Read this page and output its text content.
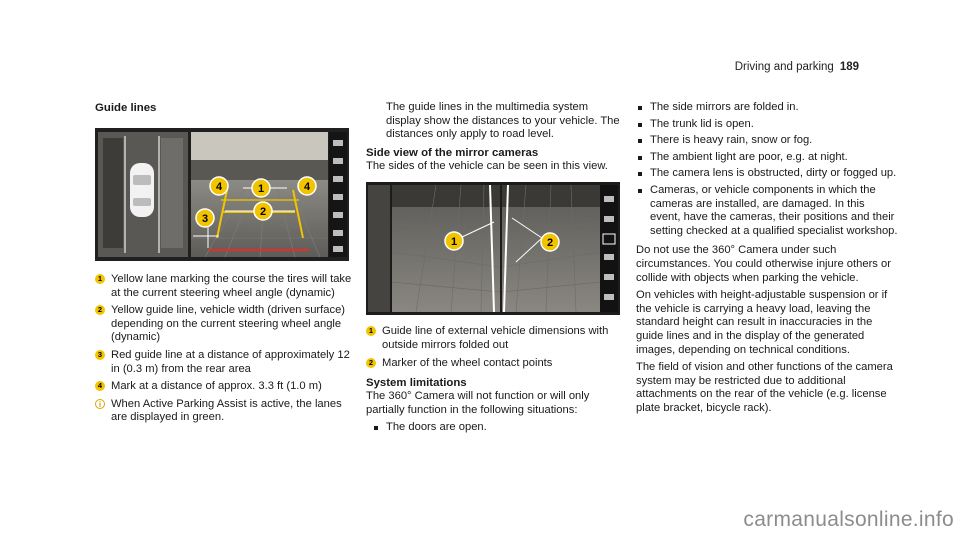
Driving and parking 189
Guide lines
4	1	4
2
3
1 Yellow lane marking the course the tires will take at the current steering wheel angle (dynamic)
2 Yellow guide line, vehicle width (driven surface) depending on the current steering wheel angle (dynamic)
3 Red guide line at a distance of approximately 12 in (0.3 m) from the rear area
4 Mark at a distance of approx. 3.3 ft (1.0 m)
i When Active Parking Assist is active, the lanes are displayed in green.

The guide lines in the multimedia system display show the distances to your vehicle. The distances only apply to road level.

Side view of the mirror cameras

The sides of the vehicle can be seen in this view.

1	2
1 Guide line of external vehicle dimensions with outside mirrors folded out
2 Marker of the wheel contact points
System limitations

The 360° Camera will not function or will only partially function in the following situations:

The doors are open.
The side mirrors are folded in.
The trunk lid is open.
There is heavy rain, snow or fog.
The ambient light are poor, e.g. at night.
The camera lens is obstructed, dirty or fogged up.
Cameras, or vehicle components in which the cameras are installed, are damaged. In this event, have the cameras, their positions and their setting checked at a qualified specialist workshop.

Do not use the 360° Camera under such circumstances. You could otherwise injure others or collide with objects when parking the vehicle.

On vehicles with height-adjustable suspension or if the vehicle is carrying a heavy load, leaving the standard height can result in inaccuracies in the guide lines and in the display of the generated images, depending on technical conditions.

The field of vision and other functions of the camera system may be restricted due to additional attachments on the rear of the vehicle (e.g. license plate bracket, bicycle rack).

carmanualsonline.info
